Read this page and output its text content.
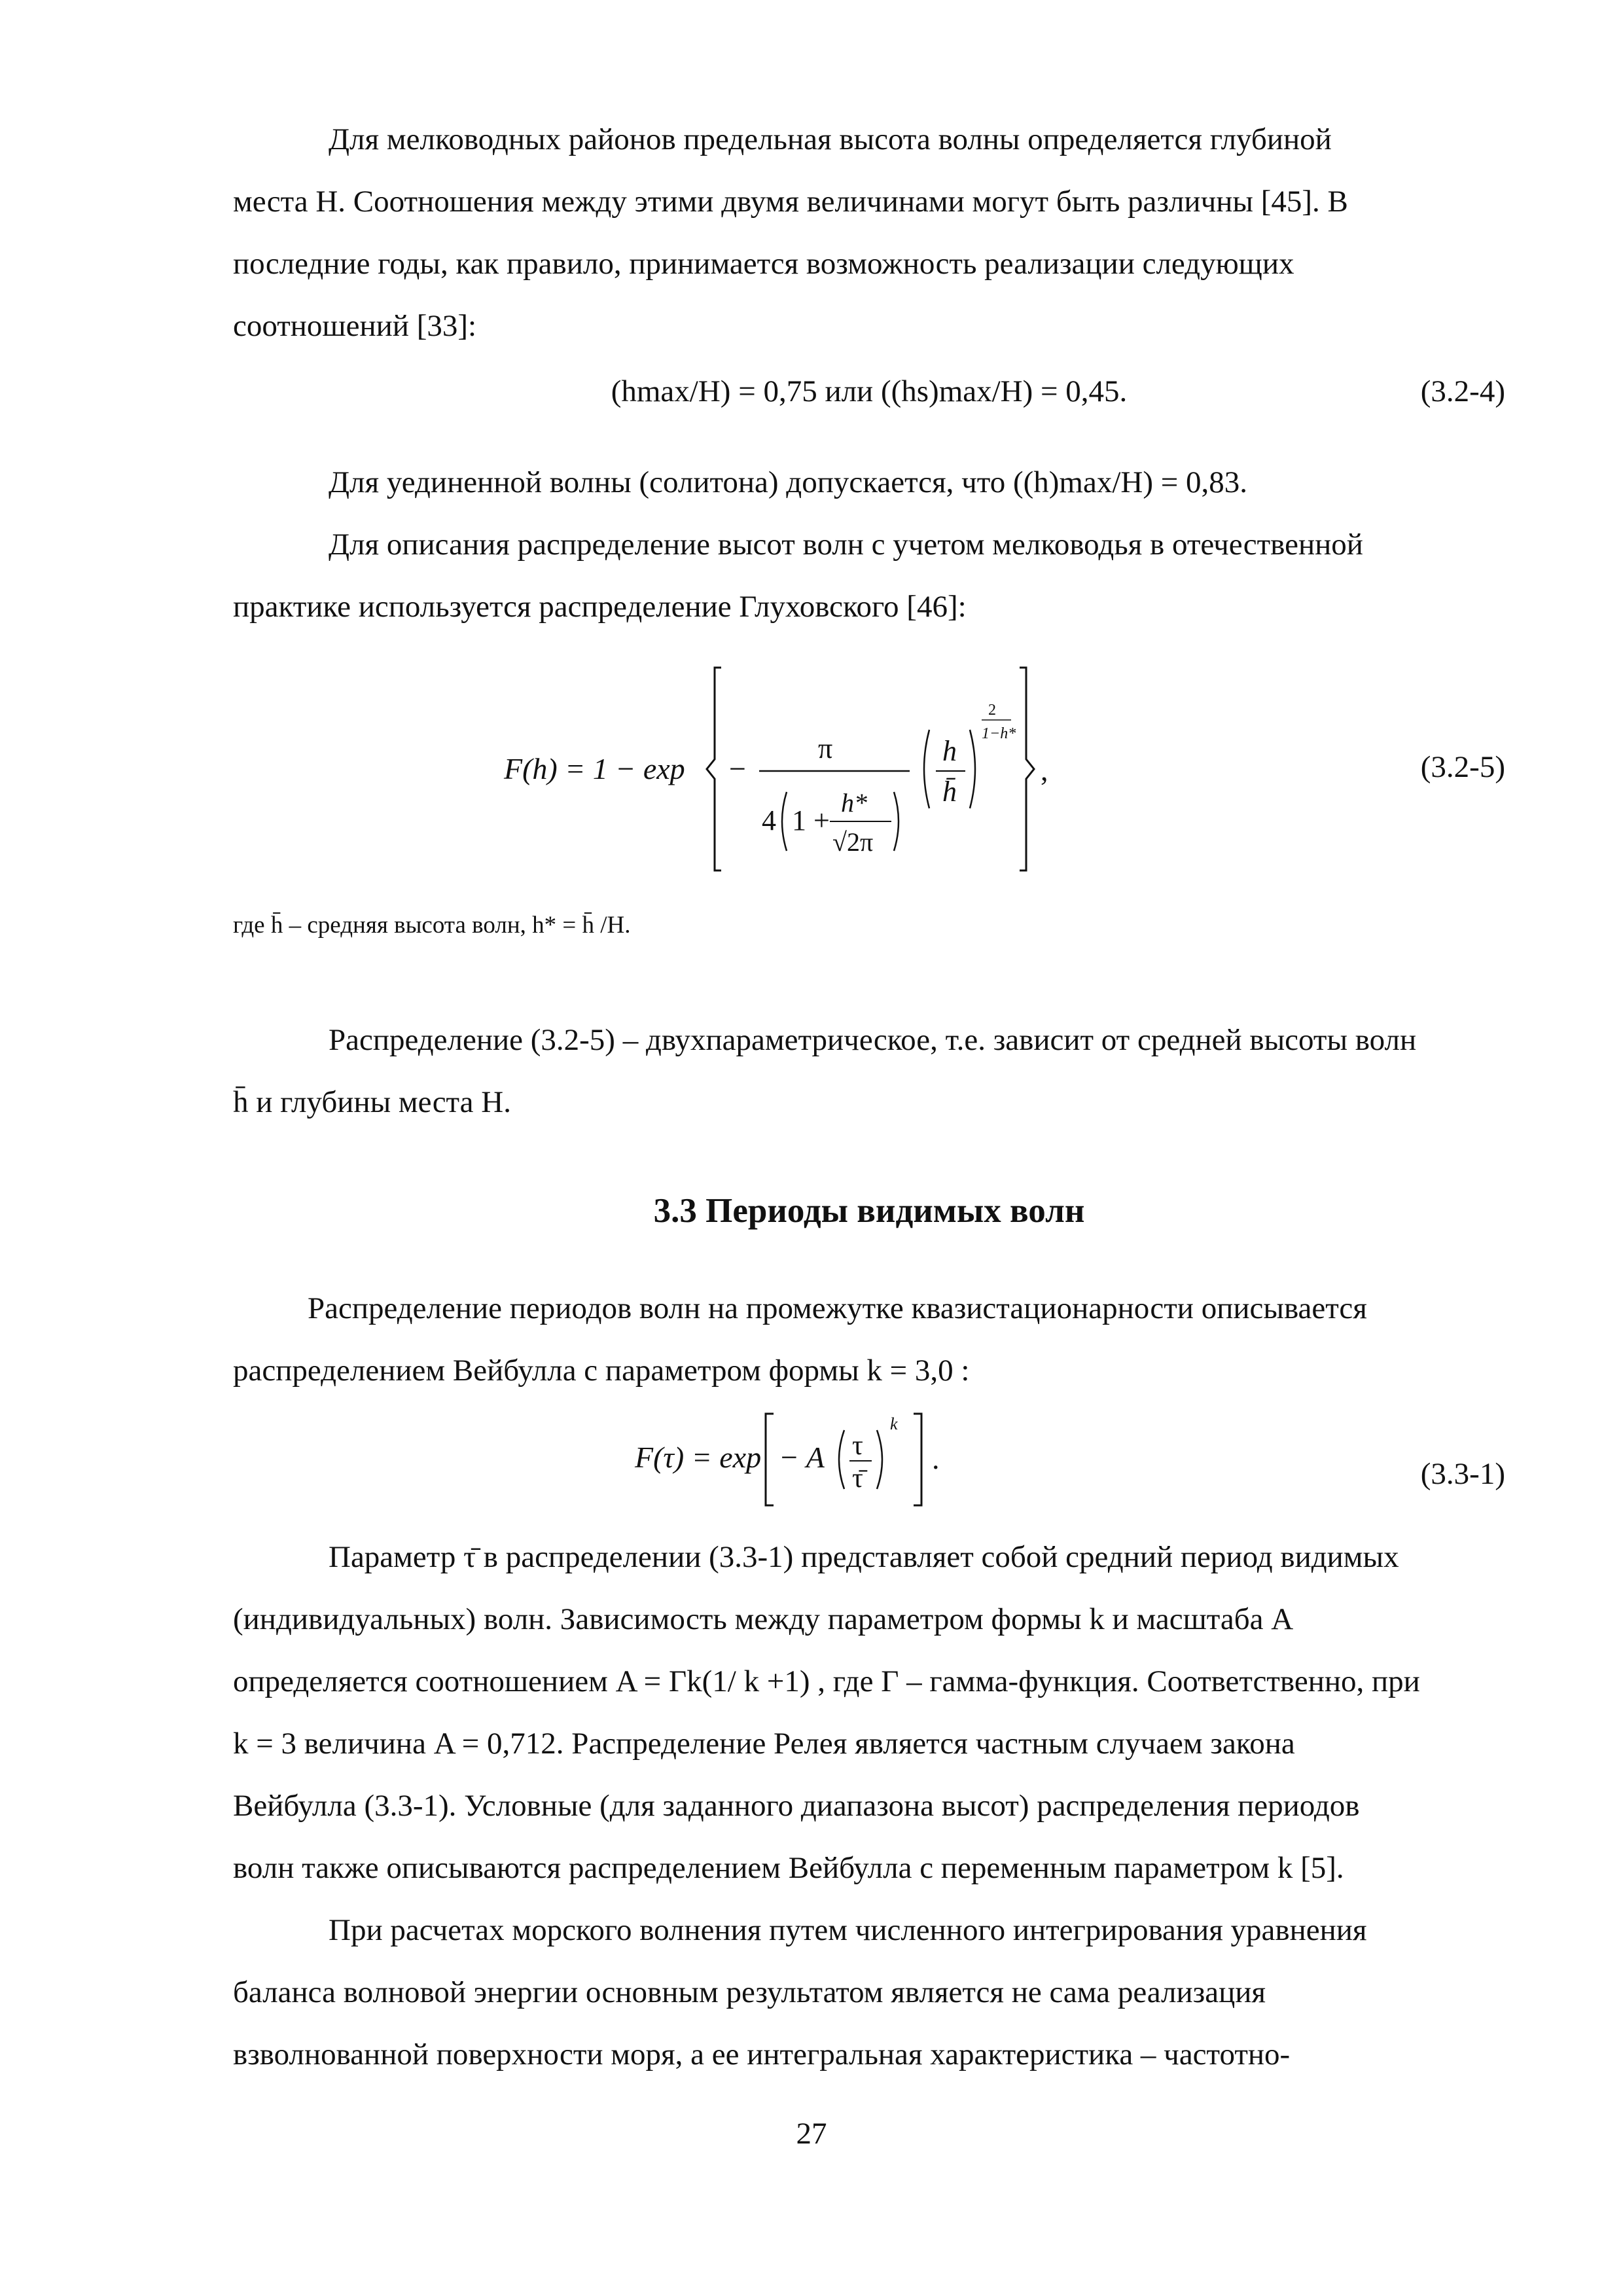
Для мелководных районов предельная высота волны определяется глубиной
места H. Соотношения между этими двумя величинами могут быть различны [45]. В
последние годы, как правило, принимается возможность реализации следующих
соотношений [33]:
(hmax/H) = 0,75 или ((hs)max/H) = 0,45.	(3.2-4)
Для уединенной волны (солитона) допускается, что ((h)max/H) = 0,83.
Для описания распределение высот волн с учетом мелководья в отечественной
практике используется распределение Глуховского [46]:
F(h) = 1 − exp −
π
4 1 +
h*
√2π
h
h̄
2
1−h*
,	(3.2-5)
где h̄ – средняя высота волн, h* = h̄ /H.
Распределение (3.2-5) – двухпараметрическое, т.е. зависит от средней высоты волн
h̄ и глубины места H.
3.3 Периоды видимых волн
Распределение периодов волн на промежутке квазистационарности описывается
распределением Вейбулла с параметром формы k = 3,0 :
F(τ) = exp − A τ
τ̄
k
.	(3.3-1)
Параметр τ̄ в распределении (3.3-1) представляет собой средний период видимых
(индивидуальных) волн. Зависимость между параметром формы k и масштаба A
определяется соотношением A = Γk(1/ k +1) , где Γ – гамма-функция. Соответственно, при
k = 3 величина A = 0,712. Распределение Релея является частным случаем закона
Вейбулла (3.3-1). Условные (для заданного диапазона высот) распределения периодов
волн также описываются распределением Вейбулла с переменным параметром k [5].
При расчетах морского волнения путем численного интегрирования уравнения
баланса волновой энергии основным результатом является не сама реализация
взволнованной поверхности моря, а ее интегральная характеристика – частотно-
27
